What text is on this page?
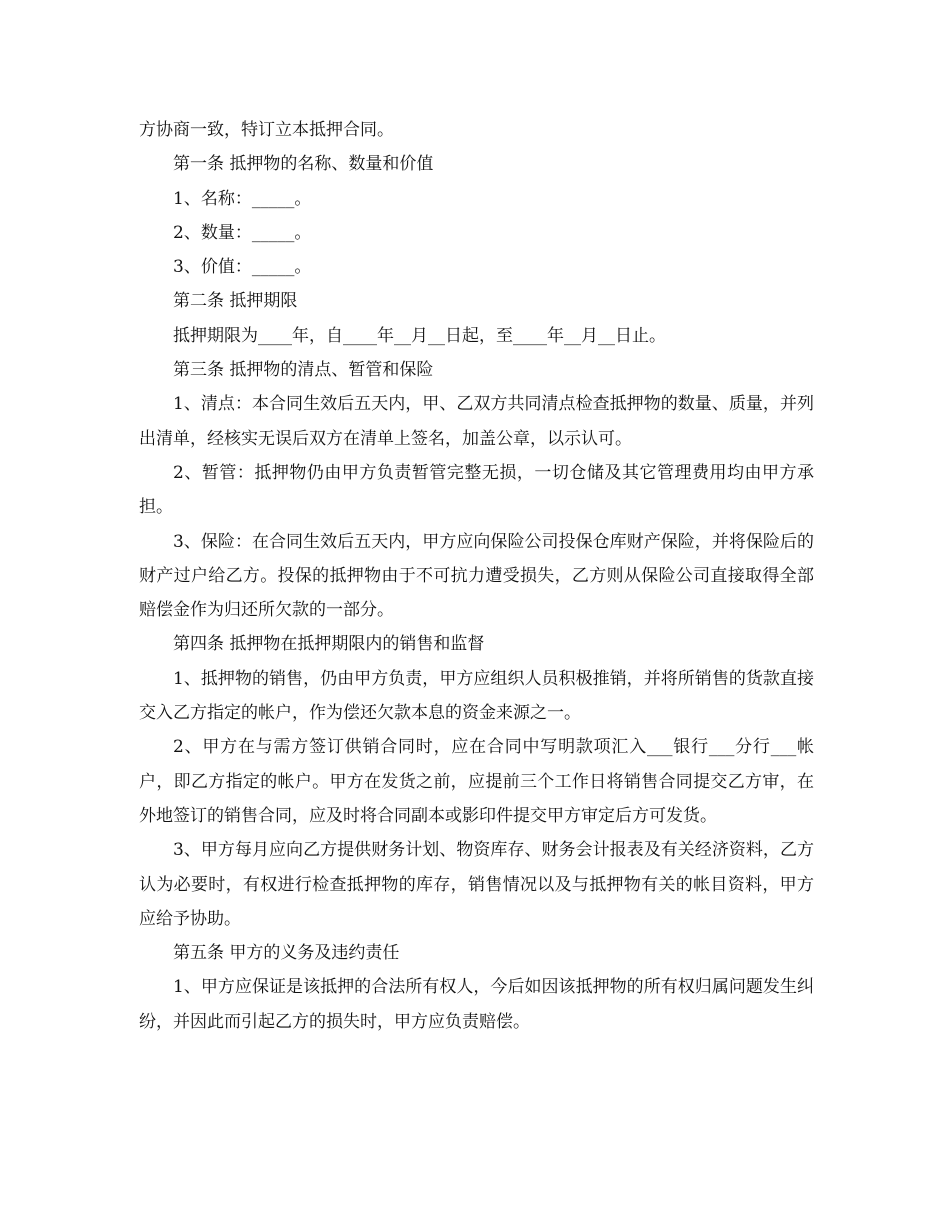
方协商一致，特订立本抵押合同。

第一条 抵押物的名称、数量和价值

1、名称：_____。

2、数量：_____。

3、价值：_____。

第二条 抵押期限

抵押期限为____年，自____年__月__日起，至____年__月__日止。

第三条 抵押物的清点、暂管和保险

1、清点：本合同生效后五天内，甲、乙双方共同清点检查抵押物的数量、质量，并列出清单，经核实无误后双方在清单上签名，加盖公章，以示认可。

2、暂管：抵押物仍由甲方负责暂管完整无损，一切仓储及其它管理费用均由甲方承担。

3、保险：在合同生效后五天内，甲方应向保险公司投保仓库财产保险，并将保险后的财产过户给乙方。投保的抵押物由于不可抗力遭受损失，乙方则从保险公司直接取得全部赔偿金作为归还所欠款的一部分。

第四条 抵押物在抵押期限内的销售和监督

1、抵押物的销售，仍由甲方负责，甲方应组织人员积极推销，并将所销售的货款直接交入乙方指定的帐户，作为偿还欠款本息的资金来源之一。

2、甲方在与需方签订供销合同时，应在合同中写明款项汇入___银行___分行___帐户，即乙方指定的帐户。甲方在发货之前，应提前三个工作日将销售合同提交乙方审，在外地签订的销售合同，应及时将合同副本或影印件提交甲方审定后方可发货。

3、甲方每月应向乙方提供财务计划、物资库存、财务会计报表及有关经济资料，乙方认为必要时，有权进行检查抵押物的库存，销售情况以及与抵押物有关的帐目资料，甲方应给予协助。

第五条 甲方的义务及违约责任

1、甲方应保证是该抵押的合法所有权人，今后如因该抵押物的所有权归属问题发生纠纷，并因此而引起乙方的损失时，甲方应负责赔偿。
